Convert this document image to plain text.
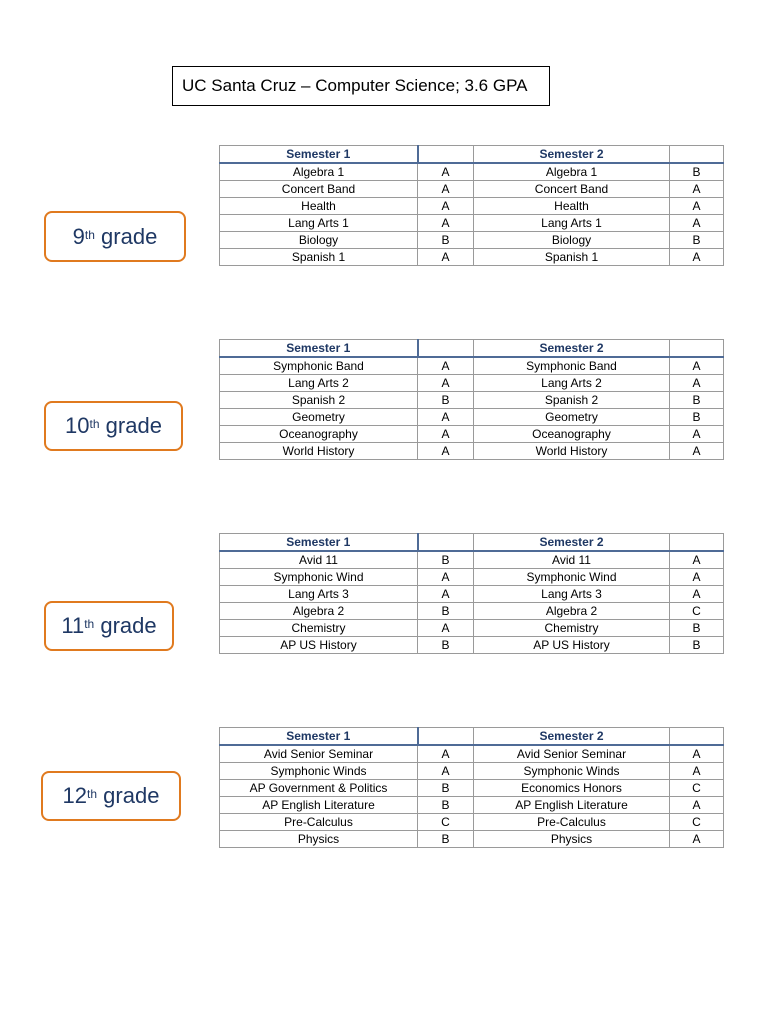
UC Santa Cruz – Computer Science; 3.6 GPA
9th
grade
Semester 1		Semester 2	
Algebra 1	A	Algebra 1	B
Concert Band	A	Concert Band	A
Health	A	Health	A
Lang Arts 1	A	Lang Arts 1	A
Biology	B	Biology	B
Spanish 1	A	Spanish 1	A
10th
grade
Semester 1		Semester 2	
Symphonic Band	A	Symphonic Band	A
Lang Arts 2	A	Lang Arts 2	A
Spanish 2	B	Spanish 2	B
Geometry	A	Geometry	B
Oceanography	A	Oceanography	A
World History	A	World History	A
11th
grade
Semester 1		Semester 2	
Avid 11	B	Avid 11	A
Symphonic Wind	A	Symphonic Wind	A
Lang Arts 3	A	Lang Arts 3	A
Algebra 2	B	Algebra 2	C
Chemistry	A	Chemistry	B
AP US History	B	AP US History	B
12th
grade
Semester 1		Semester 2	
Avid Senior Seminar	A	Avid Senior Seminar	A
Symphonic Winds	A	Symphonic Winds	A
AP Government & Politics	B	Economics Honors	C
AP English Literature	B	AP English Literature	A
Pre-Calculus	C	Pre-Calculus	C
Physics	B	Physics	A
